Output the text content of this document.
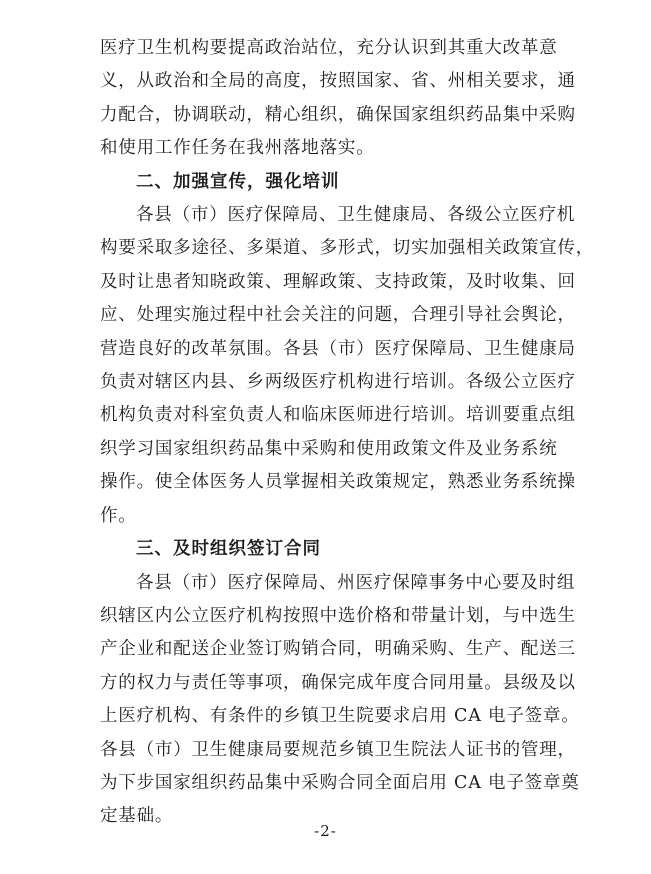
医疗卫生机构要提高政治站位，充分认识到其重大改革意
义，从政治和全局的高度，按照国家、省、州相关要求，通
力配合，协调联动，精心组织，确保国家组织药品集中采购
和使用工作任务在我州落地落实。

二、加强宣传，强化培训

各县（市）医疗保障局、卫生健康局、各级公立医疗机
构要采取多途径、多渠道、多形式，切实加强相关政策宣传，
及时让患者知晓政策、理解政策、支持政策，及时收集、回
应、处理实施过程中社会关注的问题，合理引导社会舆论，
营造良好的改革氛围。各县（市）医疗保障局、卫生健康局
负责对辖区内县、乡两级医疗机构进行培训。各级公立医疗
机构负责对科室负责人和临床医师进行培训。培训要重点组
织学习国家组织药品集中采购和使用政策文件及业务系统
操作。使全体医务人员掌握相关政策规定，熟悉业务系统操
作。

三、及时组织签订合同

各县（市）医疗保障局、州医疗保障事务中心要及时组
织辖区内公立医疗机构按照中选价格和带量计划，与中选生
产企业和配送企业签订购销合同，明确采购、生产、配送三
方的权力与责任等事项，确保完成年度合同用量。县级及以
上医疗机构、有条件的乡镇卫生院要求启用 CA 电子签章。
各县（市）卫生健康局要规范乡镇卫生院法人证书的管理，
为下步国家组织药品集中采购合同全面启用 CA 电子签章奠
定基础。

-2-
